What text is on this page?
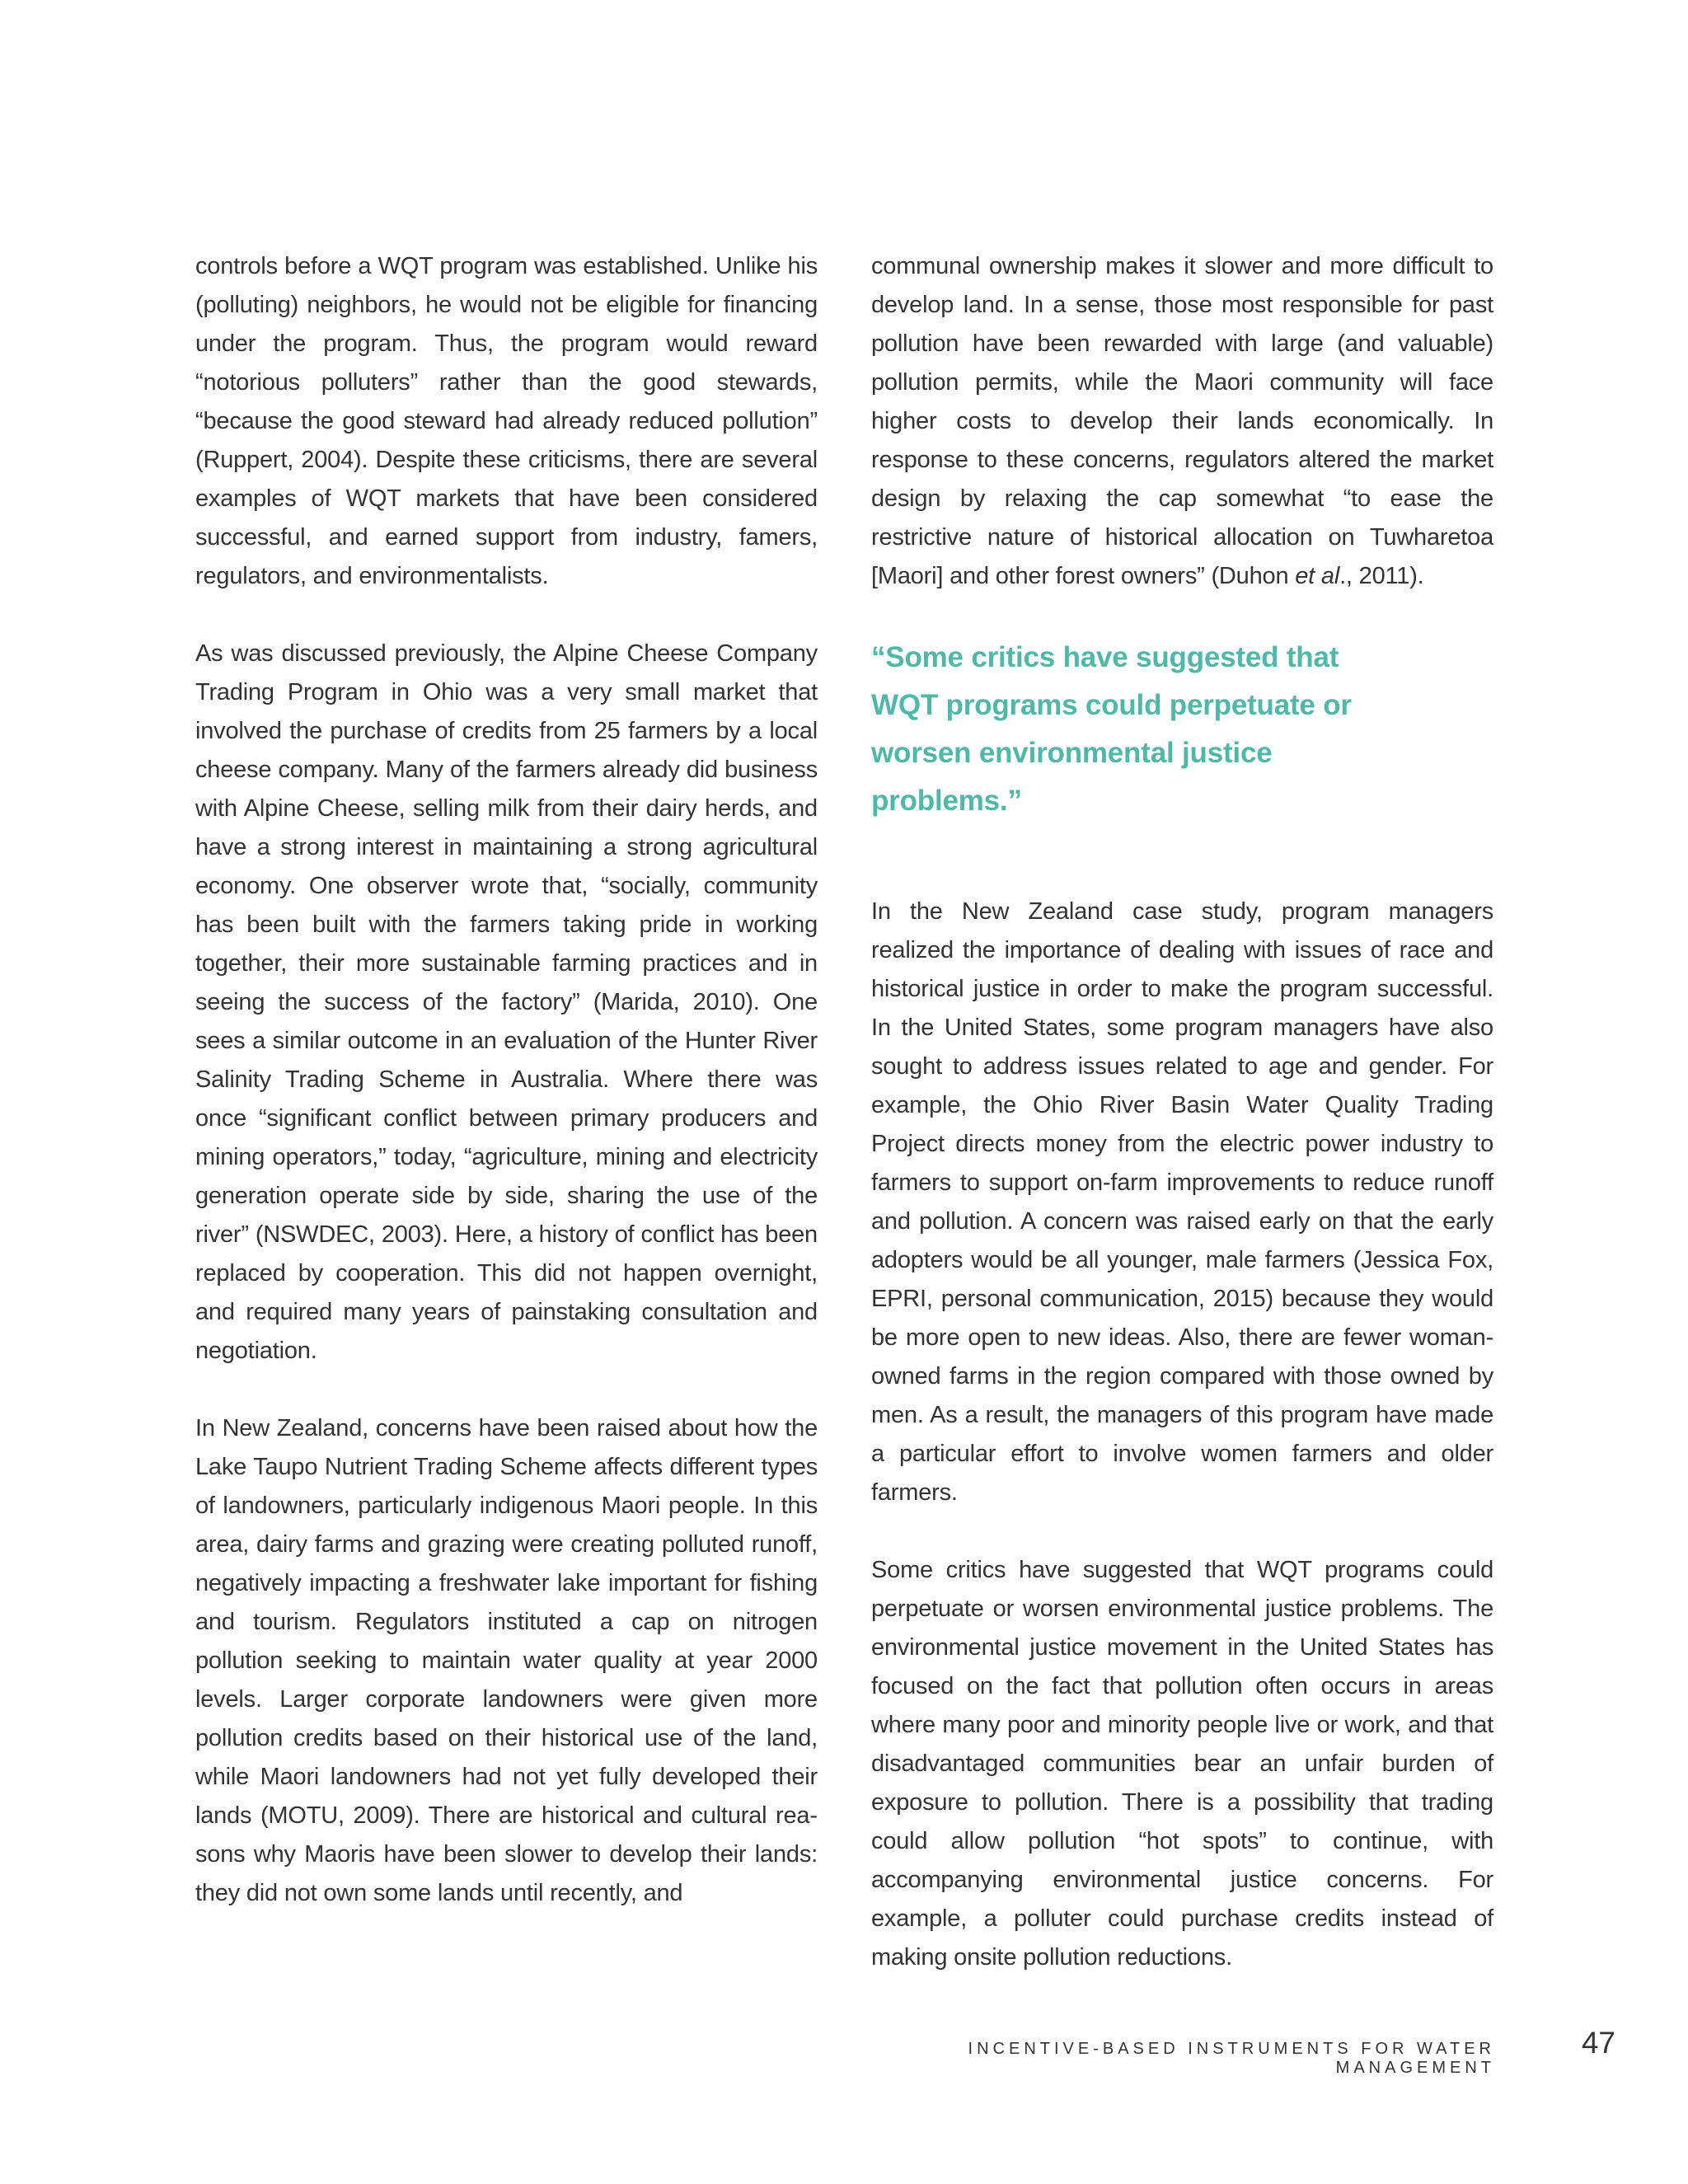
controls before a WQT program was established. Unlike his (polluting) neighbors, he would not be eligible for financing under the program. Thus, the program would reward “notorious polluters” rather than the good stewards, “because the good steward had already reduced pollution” (Ruppert, 2004). Despite these criticisms, there are several examples of WQT markets that have been considered successful, and earned support from industry, famers, regulators, and environmentalists.

As was discussed previously, the Alpine Cheese Company Trading Program in Ohio was a very small market that involved the purchase of credits from 25 farmers by a local cheese company. Many of the farmers already did business with Alpine Cheese, selling milk from their dairy herds, and have a strong interest in maintaining a strong agricultural economy. One observer wrote that, “socially, community has been built with the farmers taking pride in working together, their more sustainable farming practices and in seeing the success of the factory” (Marida, 2010). One sees a similar outcome in an evaluation of the Hunter River Salinity Trading Scheme in Australia. Where there was once “significant conflict between primary producers and mining operators,” today, “agriculture, mining and electricity generation operate side by side, sharing the use of the river” (NSWDEC, 2003). Here, a history of conflict has been replaced by cooperation. This did not happen overnight, and required many years of painstaking consultation and negotiation.

In New Zealand, concerns have been raised about how the Lake Taupo Nutrient Trading Scheme affects different types of landowners, particularly indigenous Maori people. In this area, dairy farms and grazing were creating polluted runoff, negatively impacting a freshwater lake important for fishing and tourism. Regulators instituted a cap on nitrogen pollution seeking to maintain water quality at year 2000 levels. Larger corporate landowners were given more pollution credits based on their historical use of the land, while Maori landowners had not yet fully developed their lands (MOTU, 2009). There are historical and cultural reasons why Maoris have been slower to develop their lands: they did not own some lands until recently, and

communal ownership makes it slower and more difficult to develop land. In a sense, those most responsible for past pollution have been rewarded with large (and valuable) pollution permits, while the Maori community will face higher costs to develop their lands economically. In response to these concerns, regulators altered the market design by relaxing the cap somewhat “to ease the restrictive nature of historical allocation on Tuwharetoa [Maori] and other forest owners” (Duhon et al., 2011).

“Some critics have suggested that WQT programs could perpetuate or worsen environmental justice problems.”

In the New Zealand case study, program managers realized the importance of dealing with issues of race and historical justice in order to make the program successful. In the United States, some program managers have also sought to address issues related to age and gender. For example, the Ohio River Basin Water Quality Trading Project directs money from the electric power industry to farmers to support on-farm improvements to reduce runoff and pollution. A concern was raised early on that the early adopters would be all younger, male farmers (Jessica Fox, EPRI, personal communication, 2015) because they would be more open to new ideas. Also, there are fewer woman-owned farms in the region compared with those owned by men. As a result, the managers of this program have made a particular effort to involve women farmers and older farmers.

Some critics have suggested that WQT programs could perpetuate or worsen environmental justice problems. The environmental justice movement in the United States has focused on the fact that pollution often occurs in areas where many poor and minority people live or work, and that disadvantaged communities bear an unfair burden of exposure to pollution. There is a possibility that trading could allow pollution “hot spots” to continue, with accompanying environmental justice concerns. For example, a polluter could purchase credits instead of making onsite pollution reductions.

INCENTIVE-BASED INSTRUMENTS FOR WATER MANAGEMENT
47
